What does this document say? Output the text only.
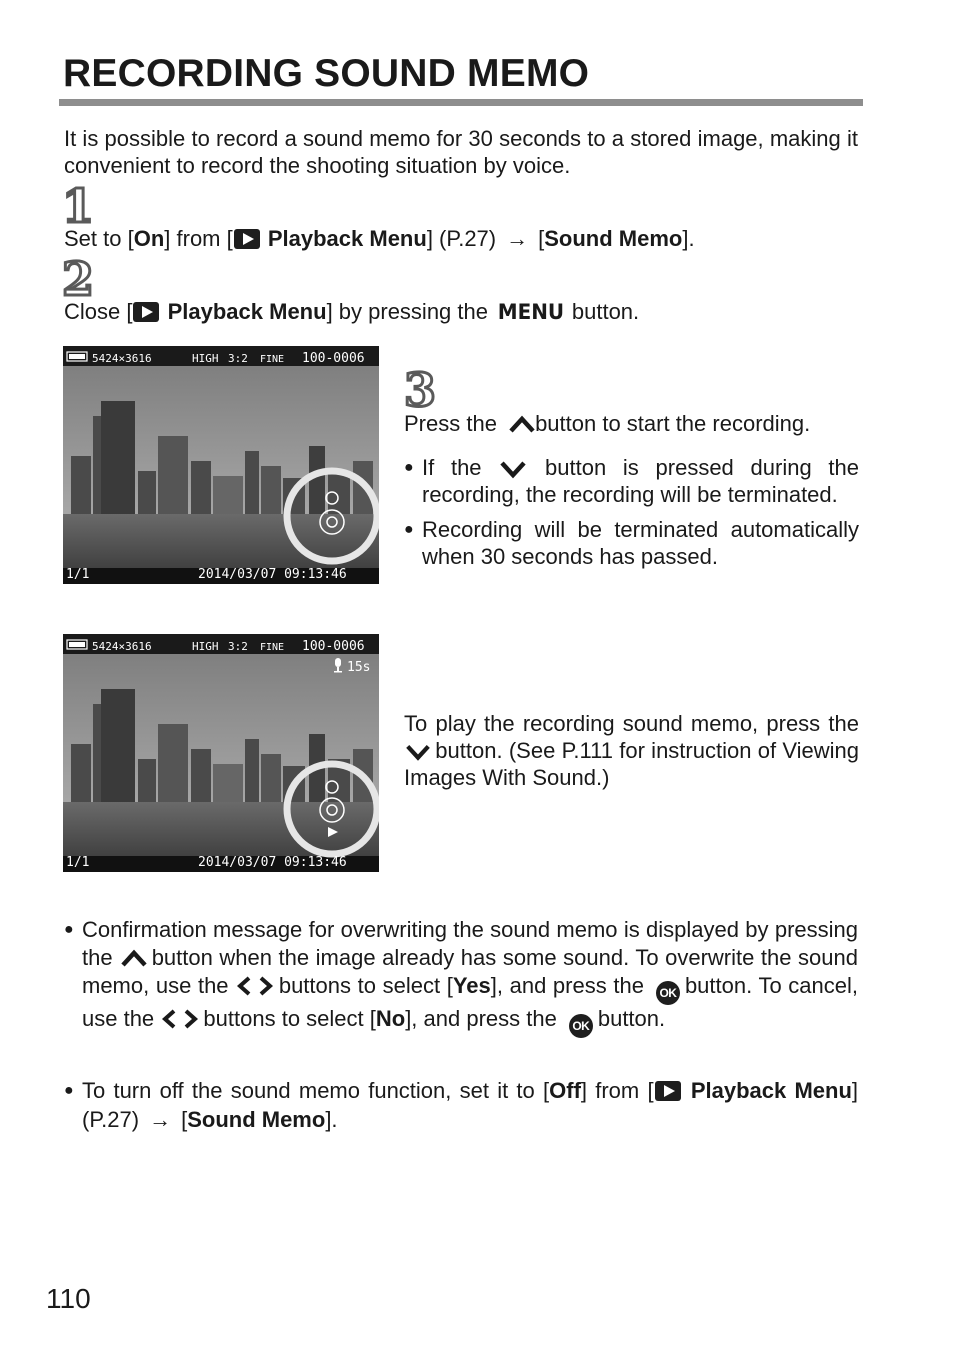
RECORDING SOUND MEMO
It is possible to record a sound memo for 30 seconds to a stored image, making it convenient to record the shooting situation by voice.
1
Set to [On] from [ Playback Menu] (P.27) → [Sound Memo].
2
Close [ Playback Menu] by pressing the MENU button.
5424×3616	HIGH 3:2 FINE 100-0006
1/1	2014/03/07 09:13:46
3
Press the button to start the recording.
● If the	button is pressed during the recording, the recording will be terminated.
● Recording will be terminated automatically when 30 seconds has passed.
5424×3616	HIGH 3:2 FINE 100-0006
15s
1/1	2014/03/07 09:13:46
To play the recording sound memo, press the  button. (See P.111 for instruction of Viewing Images With Sound.)
● Confirmation message for overwriting the sound memo is displayed by pressing the button when the image already has some sound. To overwrite the sound memo, use the buttons to select [Yes], and press the OK button. To cancel, use the buttons to select [No], and press the OK button.
● To turn off the sound memo function, set it to [Off] from [ Playback Menu] (P.27) → [Sound Memo].
110
